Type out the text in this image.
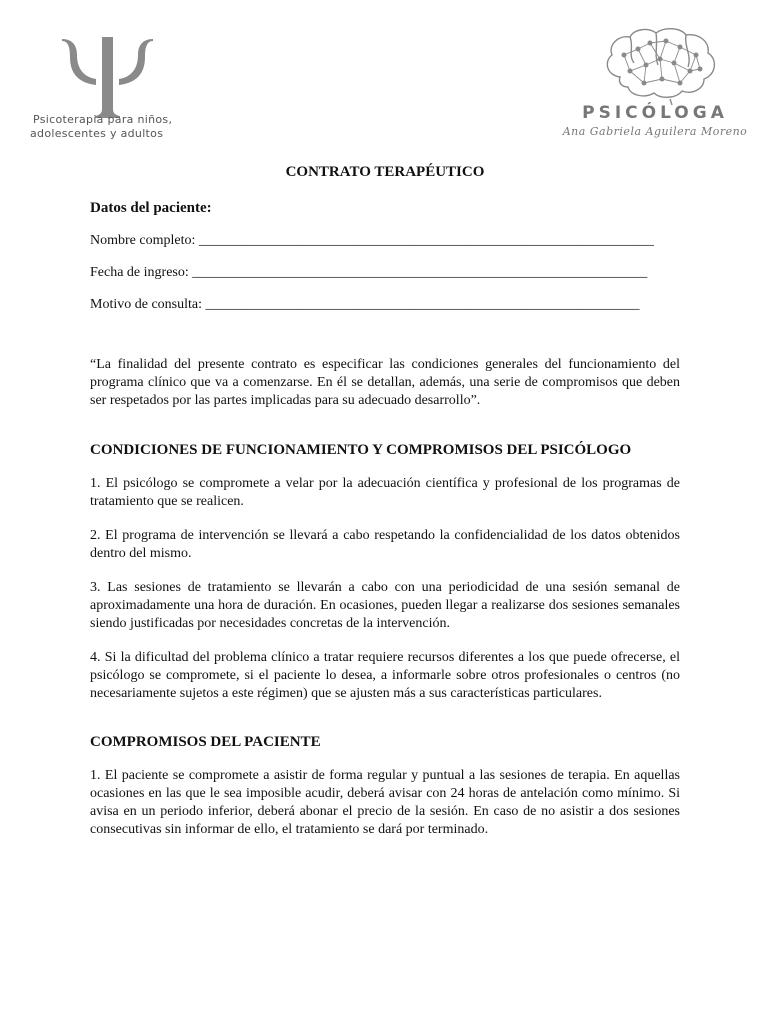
Psicoterapia para niños,
adolescentes y adultos
PSICÓLOGA
Ana Gabriela Aguilera Moreno
CONTRATO TERAPÉUTICO
Datos del paciente:
Nombre completo: _________________________________________________________________
Fecha de ingreso: _________________________________________________________________
Motivo de consulta: ______________________________________________________________
“La finalidad del presente contrato es especificar las condiciones generales del funcionamiento del programa clínico que va a comenzarse. En él se detallan, además, una serie de compromisos que deben ser respetados por las partes implicadas para su adecuado desarrollo”.
CONDICIONES DE FUNCIONAMIENTO Y COMPROMISOS DEL PSICÓLOGO
1. El psicólogo se compromete a velar por la adecuación científica y profesional de los programas de tratamiento que se realicen.
2. El programa de intervención se llevará a cabo respetando la confidencialidad de los datos obtenidos dentro del mismo.
3. Las sesiones de tratamiento se llevarán a cabo con una periodicidad de una sesión semanal de aproximadamente una hora de duración. En ocasiones, pueden llegar a realizarse dos sesiones semanales siendo justificadas por necesidades concretas de la intervención.
4. Si la dificultad del problema clínico a tratar requiere recursos diferentes a los que puede ofrecerse, el psicólogo se compromete, si el paciente lo desea, a informarle sobre otros profesionales o centros (no necesariamente sujetos a este régimen) que se ajusten más a sus características particulares.
COMPROMISOS DEL PACIENTE
1. El paciente se compromete a asistir de forma regular y puntual a las sesiones de terapia. En aquellas ocasiones en las que le sea imposible acudir, deberá avisar con 24 horas de antelación como mínimo. Si avisa en un periodo inferior, deberá abonar el precio de la sesión. En caso de no asistir a dos sesiones consecutivas sin informar de ello, el tratamiento se dará por terminado.
